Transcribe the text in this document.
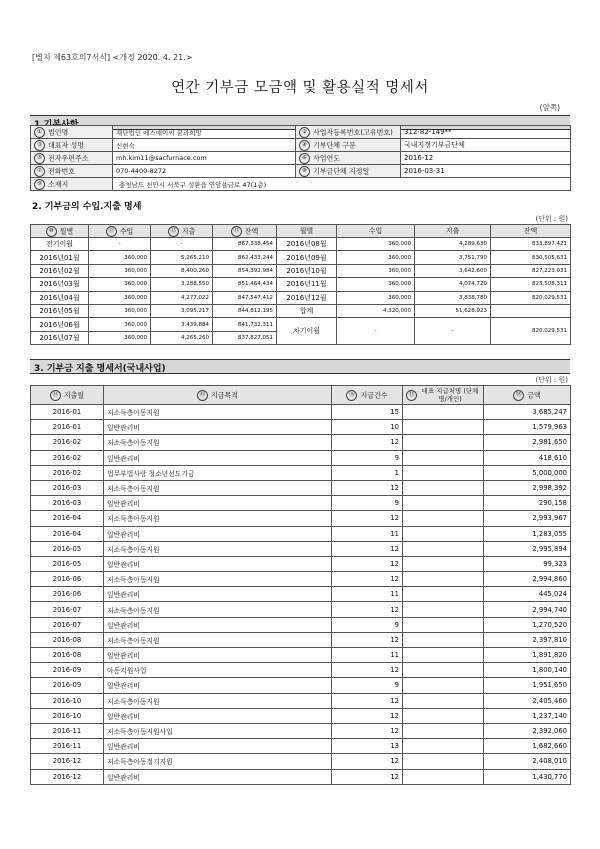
[별지 제63호의7서식] <개정 2020. 4. 21.>
연간 기부금 모금액 및 활용실적 명세서
(앞쪽)
① 법인명	재단법인 에스에이씨 꿈과희망	② 사업자등록번호(고유번호)	312-82-149**
③ 대표자 성명	신현숙	④ 기부단체 구분	국내지정기부금단체
⑤ 전자우편주소	mh.kim11@sacfurnace.com	⑥ 사업연도	2016-12
⑦ 전화번호	070-4400-8272	⑧ 기부금단체 지정일	2016-03-31
⑨ 소재지	충청남도 천안시 서북구 성환읍 연암율금로 47(1층)		
2. 기부금의 수입.지출 명세
(단위 : 원)
⑩ 월별	⑪ 수입	⑫ 지출	⑬ 잔액	월별	수입	지출	잔액
전기이월	-	-	867,338,454	2016년08월	360,000	4,289,630	833,897,421
2016년01월	360,000	5,265,210	862,433,244	2016년09월	360,000	3,751,790	830,505,631
2016년02월	360,000	8,400,260	854,392,984	2016년10월	360,000	3,642,600	827,223,031
2016년03월	360,000	3,288,550	851,464,434	2016년11월	360,000	4,074,720	823,508,311
2016년04월	360,000	4,277,022	847,547,412	2016년12월	360,000	3,838,780	820,029,531
2016년05월	360,000	3,095,217	844,812,195	합계	4,320,000	51,628,923	
2016년06월	360,000	3,439,884	841,732,311	차기이월	-	-	820,029,531
2016년07월	360,000	4,265,260	837,827,051				
3. 기부금 지출 명세서(국내사업)
(단위 : 원)
⑭ 지출월	⑮ 지급목적	⑯ 지급건수	⑰ 대표 지급처명 (단체명/개인)	⑱ 금액
2016-01	저소득층아동지원	15		3,685,247
2016-01	일반관리비	10		1,579,963
2016-02	저소득층아동지원	12		2,981,650
2016-02	일반관리비	9		418,610
2016-02	법무부법사랑 청소년선도기금	1		5,000,000
2016-03	저소득층아동지원	12		2,998,392
2016-03	일반관리비	9		290,158
2016-04	저소득층아동지원	12		2,993,967
2016-04	일반관리비	11		1,283,055
2016-05	저소득층아동지원	12		2,995,894
2016-05	일반관리비	12		99,323
2016-06	저소득층아동지원	12		2,994,860
2016-06	일반관리비	11		445,024
2016-07	저소득층아동지원	12		2,994,740
2016-07	일반관리비	9		1,270,520
2016-08	저소득층아동지원	12		2,397,810
2016-08	일반관리비	11		1,891,820
2016-09	아동지원사업	12		1,800,140
2016-09	일반관리비	9		1,951,650
2016-10	저소득층아동지원	12		2,405,460
2016-10	일반관리비	12		1,237,140
2016-11	저소득층아동지원사업	12		2,392,060
2016-11	일반관리비	13		1,682,660
2016-12	저소득층아동정기지원	12		2,408,010
2016-12	일반관리비	12		1,430,770
